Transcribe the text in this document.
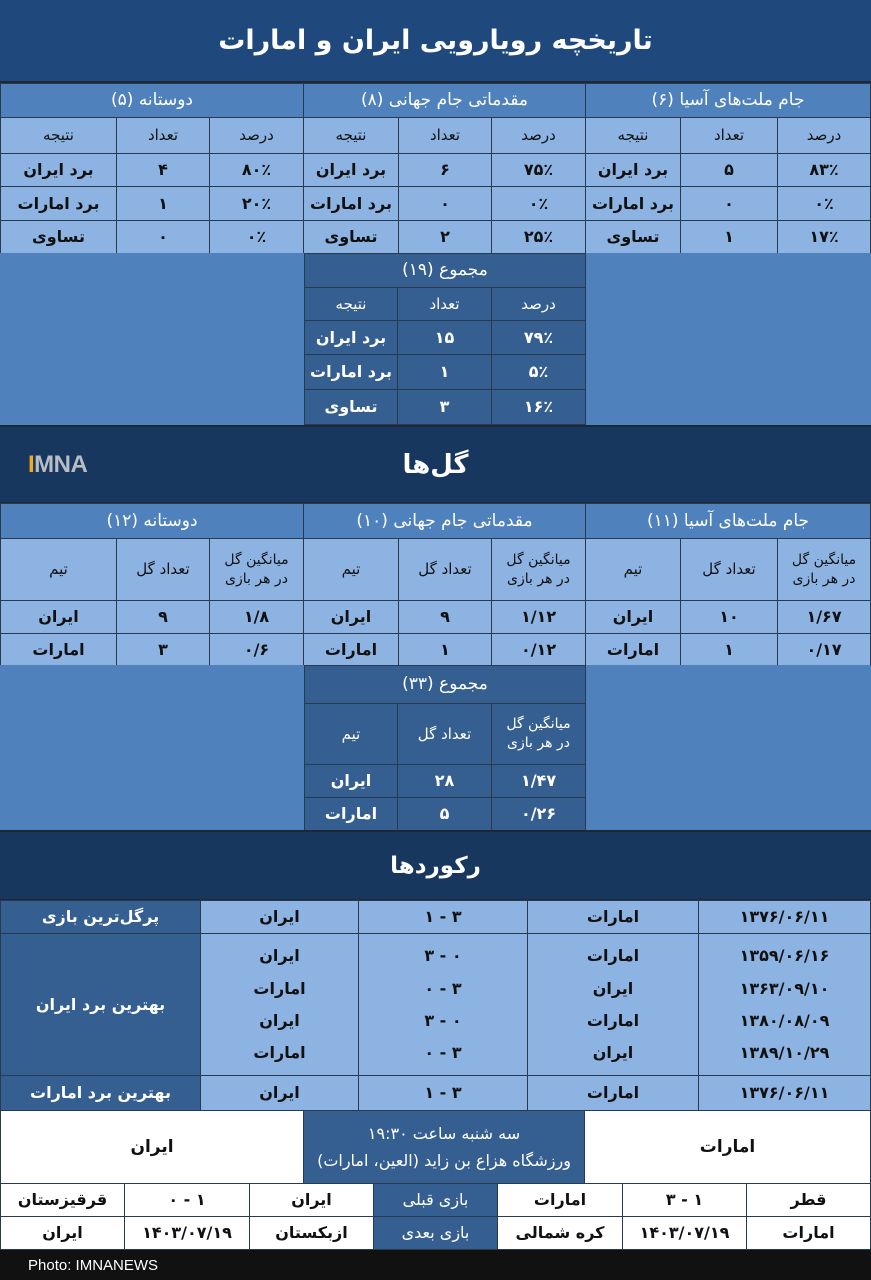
تاریخچه رویارویی ایران و امارات
جام ملت‌های آسیا (۶)
مقدماتی جام جهانی (۸)
دوستانه (۵)
درصد
تعداد
نتیجه
۸۳٪
۵
برد ایران
۰٪
۰
برد امارات
۱۷٪
۱
تساوی
درصد
تعداد
نتیجه
۷۵٪
۶
برد ایران
۰٪
۰
برد امارات
۲۵٪
۲
تساوی
درصد
تعداد
نتیجه
۸۰٪
۴
برد ایران
۲۰٪
۱
برد امارات
۰٪
۰
تساوی
مجموع (۱۹)
درصد
تعداد
نتیجه
۷۹٪
۱۵
برد ایران
۵٪
۱
برد امارات
۱۶٪
۳
تساوی
گل‌ها
IMNA
جام ملت‌های آسیا (۱۱)
مقدماتی جام جهانی (۱۰)
دوستانه (۱۲)
میانگین گل در هر بازی
تعداد گل
تیم
۱/۶۷
۱۰
ایران
۰/۱۷
۱
امارات
میانگین گل در هر بازی
تعداد گل
تیم
۱/۱۲
۹
ایران
۰/۱۲
۱
امارات
میانگین گل در هر بازی
تعداد گل
تیم
۱/۸
۹
ایران
۰/۶
۳
امارات
مجموع (۳۳)
میانگین گل در هر بازی
تعداد گل
تیم
۱/۴۷
۲۸
ایران
۰/۲۶
۵
امارات
رکوردها
پرگل‌ترین بازی	۱۳۷۶/۰۶/۱۱
امارات
۳ - ۱
ایران
بهترین برد ایران
۱۳۵۹/۰۶/۱۶
۱۳۶۳/۰۹/۱۰
۱۳۸۰/۰۸/۰۹
۱۳۸۹/۱۰/۲۹
امارات
ایران
امارات
ایران
۰ - ۳
۳ - ۰
۰ - ۳
۳ - ۰
ایران
امارات
ایران
امارات
بهترین برد امارات	۱۳۷۶/۰۶/۱۱
امارات
۳ - ۱
ایران
امارات
سه شنبه ساعت ۱۹:۳۰
ورزشگاه هزاع بن زاید (العین، امارات)
ایران
قطر
۱ - ۳
امارات
بازی قبلی
ایران
۱ - ۰
قرقیزستان
امارات
۱۴۰۳/۰۷/۱۹
کره شمالی
بازی بعدی
ازبکستان
۱۴۰۳/۰۷/۱۹
ایران
Photo: IMNANEWS
